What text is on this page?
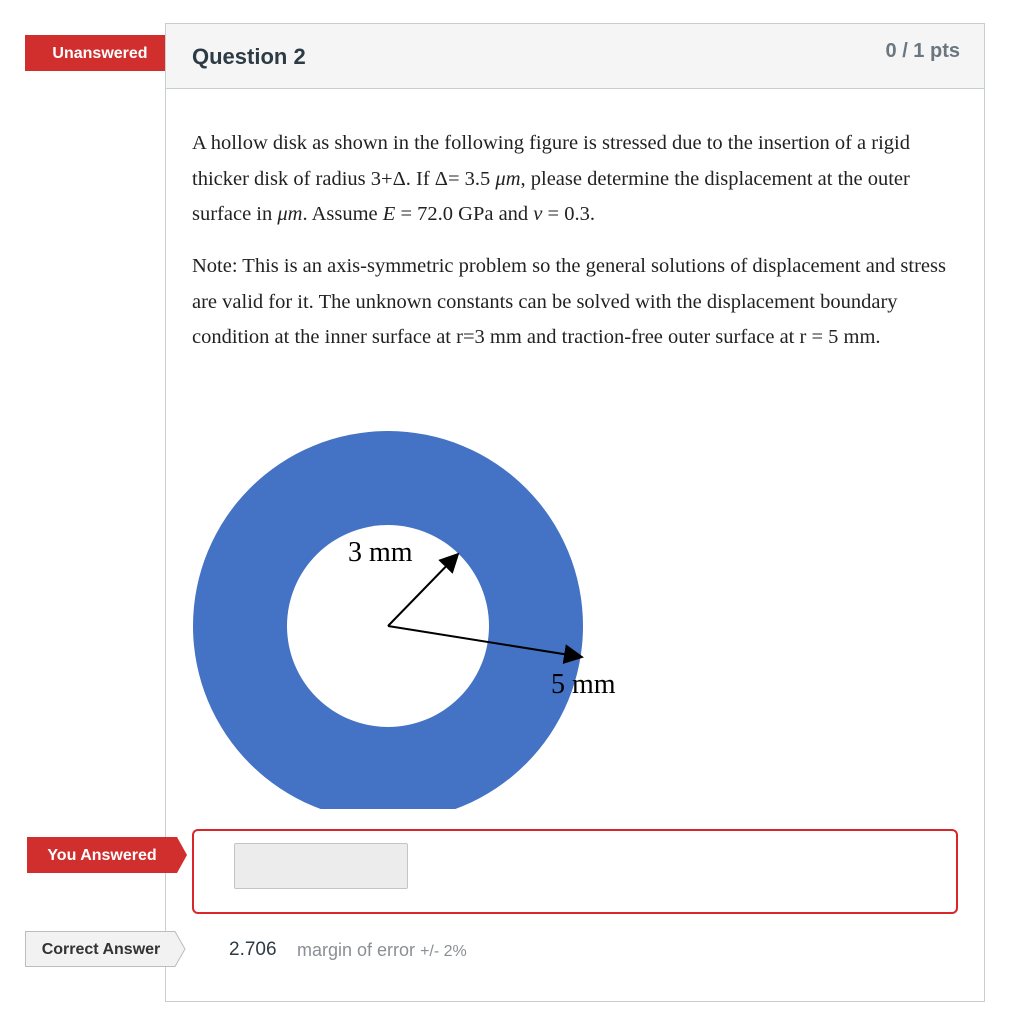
Unanswered Question 2	0 / 1 pts

A hollow disk as shown in the following figure is stressed due to the insertion of a rigid thicker disk of radius 3+Δ. If Δ= 3.5 μm, please determine the displacement at the outer surface in μm. Assume E = 72.0 GPa and ν = 0.3.

Note: This is an axis-symmetric problem so the general solutions of displacement and stress are valid for it. The unknown constants can be solved with the displacement boundary condition at the inner surface at r=3 mm and traction-free outer surface at r = 5 mm.

3 mm
5 mm
You Answered
Correct Answer	2.706 margin of error +/- 2%
